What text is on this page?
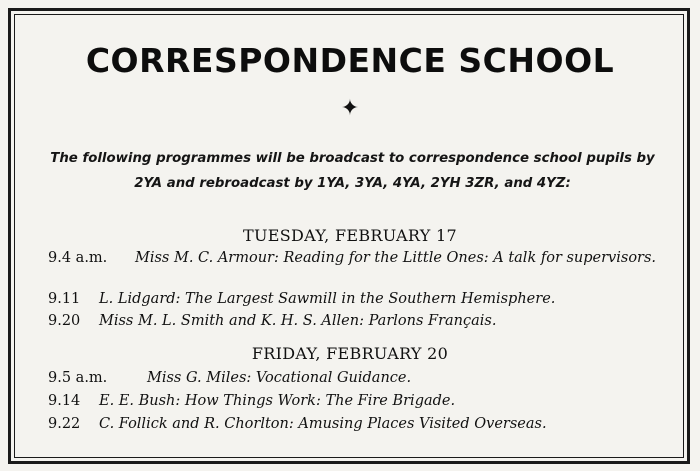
CORRESPONDENCE SCHOOL
✦
The following programmes will be broadcast to correspondence school pupils by 2YA and rebroadcast by 1YA, 3YA, 4YA, 2YH 3ZR, and 4YZ:
TUESDAY, FEBRUARY 17
9.4 a.m. Miss M. C. Armour: Reading for the Little Ones: A talk for supervisors.
9.11 L. Lidgard: The Largest Sawmill in the Southern Hemisphere.
9.20 Miss M. L. Smith and K. H. S. Allen: Parlons Français.
FRIDAY, FEBRUARY 20
9.5 a.m.	Miss G. Miles: Vocational Guidance.
9.14 E. E. Bush: How Things Work: The Fire Brigade.
9.22 C. Follick and R. Chorlton: Amusing Places Visited Overseas.
